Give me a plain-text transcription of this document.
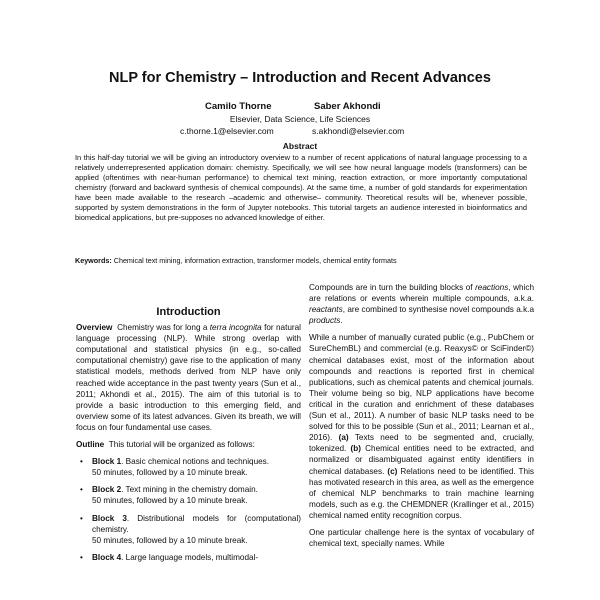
NLP for Chemistry – Introduction and Recent Advances
Camilo Thorne	Saber Akhondi
Elsevier, Data Science, Life Sciences
c.thorne.1@elsevier.com	s.akhondi@elsevier.com
Abstract
In this half-day tutorial we will be giving an introductory overview to a number of recent applications of natural language processing to a relatively underrepresented application domain: chemistry. Specifically, we will see how neural language models (transformers) can be applied (oftentimes with near-human performance) to chemical text mining, reaction extraction, or more importantly computational chemistry (forward and backward synthesis of chemical compounds). At the same time, a number of gold standards for experimentation have been made available to the research –academic and otherwise– community. Theoretical results will be, whenever possible, supported by system demonstrations in the form of Jupyter notebooks. This tutorial targets an audience interested in bioinformatics and biomedical applications, but pre-supposes no advanced knowledge of either.
Keywords: Chemical text mining, information extraction, transformer models, chemical entity formats
Introduction

Overview Chemistry was for long a terra incognita for natural language processing (NLP). While strong overlap with computational and statistical physics (in e.g., so-called computational chemistry) gave rise to the application of many statistical models, methods derived from NLP have only reached wide acceptance in the past twenty years (Sun et al., 2011; Akhondi et al., 2015). The aim of this tutorial is to provide a basic introduction to this emerging field, and overview some of its latest advances. Given its breath, we will focus on four fundamental use cases.

Outline This tutorial will be organized as follows:

• Block 1. Basic chemical notions and techniques.
50 minutes, followed by a 10 minute break.
• Block 2. Text mining in the chemistry domain.
50 minutes, followed by a 10 minute break.
• Block 3. Distributional models for (computational) chemistry.
50 minutes, followed by a 10 minute break.
• Block 4. Large language models, multimodal-

Compounds are in turn the building blocks of reactions, which are relations or events wherein multiple compounds, a.k.a. reactants, are combined to synthesise novel compounds a.k.a products.

While a number of manually curated public (e.g., PubChem or SureChemBL) and commercial (e.g. Reaxys© or SciFinder©) chemical databases exist, most of the information about compounds and reactions is reported first in chemical publications, such as chemical patents and chemical journals. Their volume being so big, NLP applications have become critical in the curation and enrichment of these databases (Sun et al., 2011). A number of basic NLP tasks need to be solved for this to be possible (Sun et al., 2011; Learnan et al., 2016). (a) Texts need to be segmented and, crucially, tokenized. (b) Chemical entities need to be extracted, and normalized or disambiguated against entity identifiers in chemical databases. (c) Relations need to be identified. This has motivated research in this area, as well as the emergence of chemical NLP benchmarks to train machine learning models, such as e.g. the CHEMDNER (Krallinger et al., 2015) chemical named entity recognition corpus.

One particular challenge here is the syntax of vocabulary of chemical text, specially names. While
